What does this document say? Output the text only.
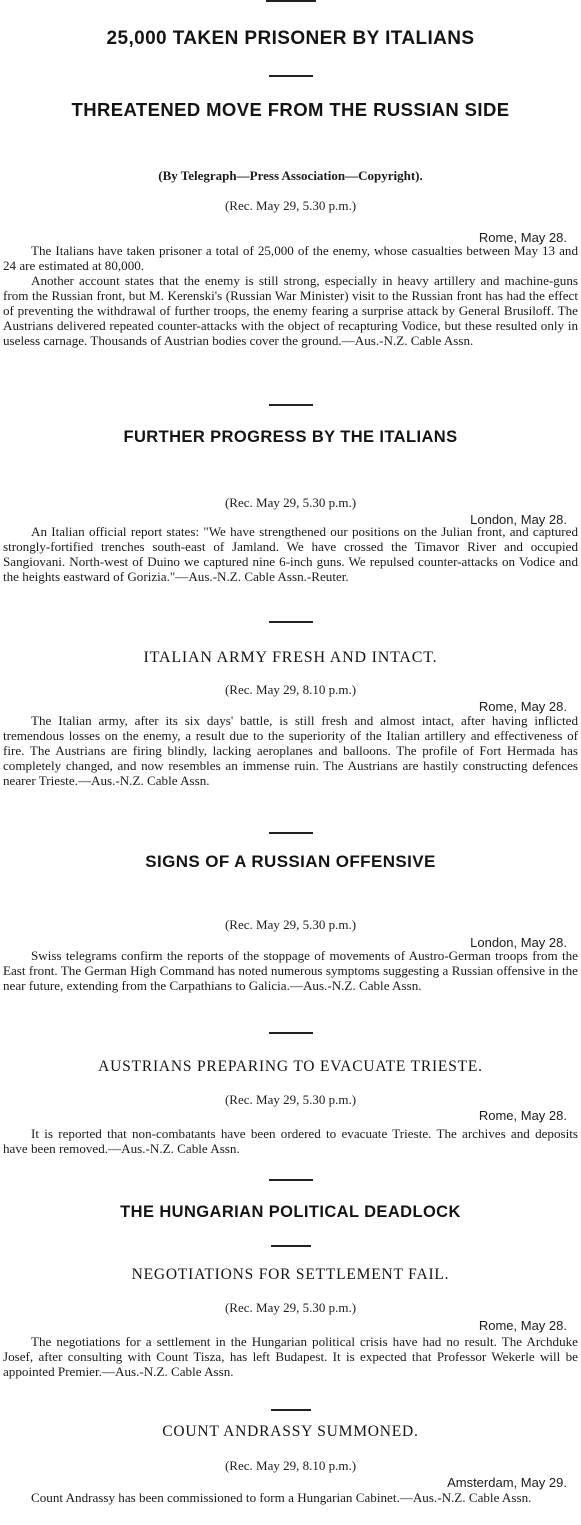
25,000 TAKEN PRISONER BY ITALIANS
THREATENED MOVE FROM THE RUSSIAN SIDE
(By Telegraph—Press Association—Copyright).
(Rec. May 29, 5.30 p.m.)
Rome, May 28.

The Italians have taken prisoner a total of 25,000 of the enemy, whose casualties between May 13 and 24 are estimated at 80,000.

Another account states that the enemy is still strong, especially in heavy artillery and machine-guns from the Russian front, but M. Kerenski's (Russian War Minister) visit to the Russian front has had the effect of preventing the withdrawal of further troops, the enemy fearing a surprise attack by General Brusiloff. The Austrians delivered repeated counter-attacks with the object of recapturing Vodice, but these resulted only in useless carnage. Thousands of Austrian bodies cover the ground.—Aus.-N.Z. Cable Assn.

FURTHER PROGRESS BY THE ITALIANS
(Rec. May 29, 5.30 p.m.)
London, May 28.

An Italian official report states: "We have strengthened our positions on the Julian front, and captured strongly-fortified trenches south-east of Jamland. We have crossed the Timavor River and occupied Sangiovani. North-west of Duino we captured nine 6-inch guns. We repulsed counter-attacks on Vodice and the heights eastward of Gorizia."—Aus.-N.Z. Cable Assn.-Reuter.

ITALIAN ARMY FRESH AND INTACT.
(Rec. May 29, 8.10 p.m.)
Rome, May 28.

The Italian army, after its six days' battle, is still fresh and almost intact, after having inflicted tremendous losses on the enemy, a result due to the superiority of the Italian artillery and effectiveness of fire. The Austrians are firing blindly, lacking aeroplanes and balloons. The profile of Fort Hermada has completely changed, and now resembles an immense ruin. The Austrians are hastily constructing defences nearer Trieste.—Aus.-N.Z. Cable Assn.

SIGNS OF A RUSSIAN OFFENSIVE
(Rec. May 29, 5.30 p.m.)
London, May 28.

Swiss telegrams confirm the reports of the stoppage of movements of Austro-German troops from the East front. The German High Command has noted numerous symptoms suggesting a Russian offensive in the near future, extending from the Carpathians to Galicia.—Aus.-N.Z. Cable Assn.

AUSTRIANS PREPARING TO EVACUATE TRIESTE.
(Rec. May 29, 5.30 p.m.)
Rome, May 28.

It is reported that non-combatants have been ordered to evacuate Trieste. The archives and deposits have been removed.—Aus.-N.Z. Cable Assn.

THE HUNGARIAN POLITICAL DEADLOCK
NEGOTIATIONS FOR SETTLEMENT FAIL.
(Rec. May 29, 5.30 p.m.)
Rome, May 28.

The negotiations for a settlement in the Hungarian political crisis have had no result. The Archduke Josef, after consulting with Count Tisza, has left Budapest. It is expected that Professor Wekerle will be appointed Premier.—Aus.-N.Z. Cable Assn.

COUNT ANDRASSY SUMMONED.
(Rec. May 29, 8.10 p.m.)
Amsterdam, May 29.

Count Andrassy has been commissioned to form a Hungarian Cabinet.—Aus.-N.Z. Cable Assn.
